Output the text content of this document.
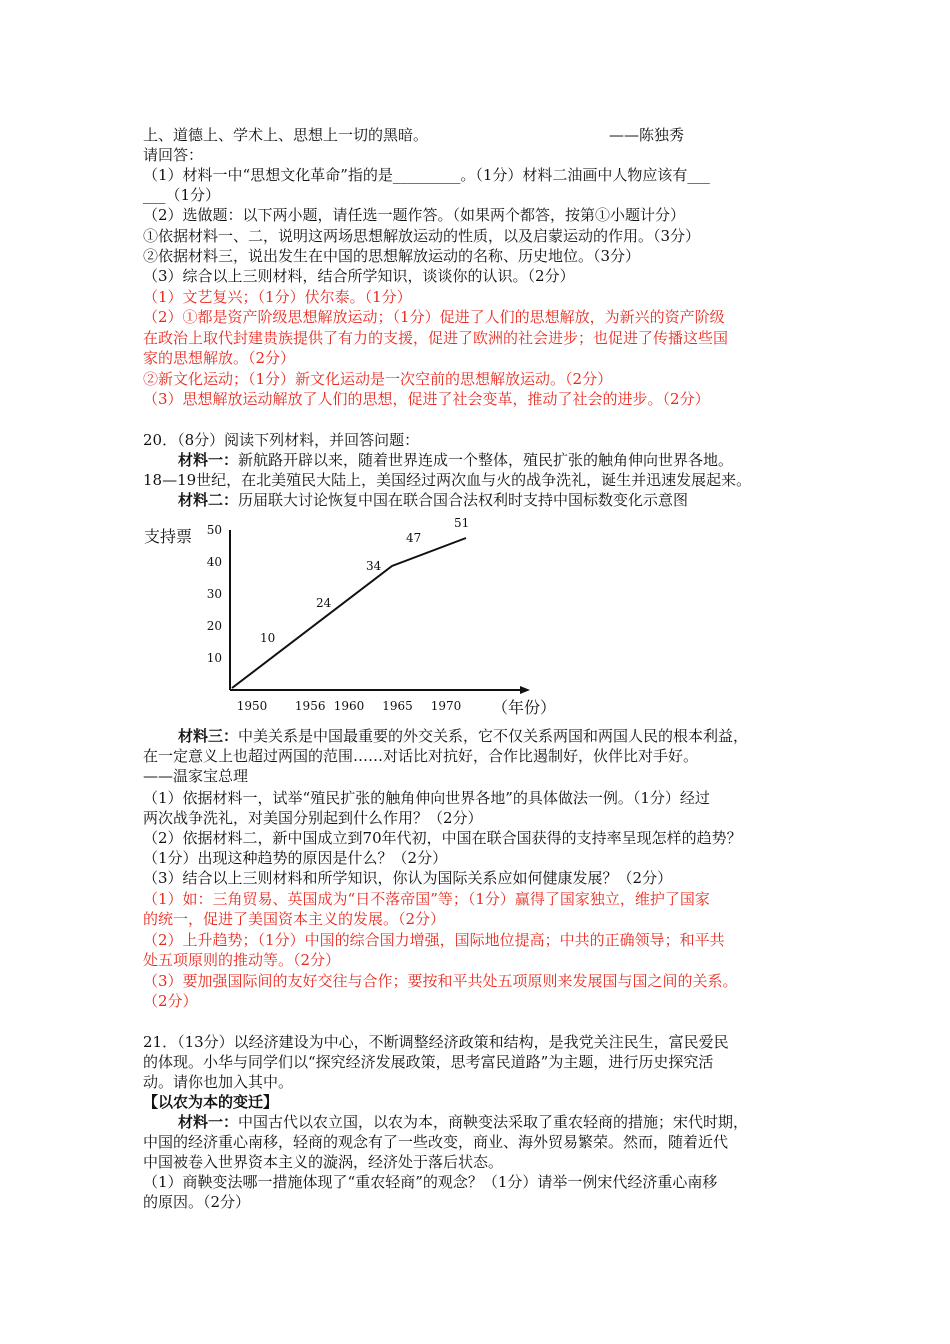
上、道德上、学术上、思想上一切的黑暗。	——陈独秀
请回答：
（1）材料一中“思想文化革命”指的是_________。（1分）材料二油画中人物应该有___
___（1分）
（2）选做题：以下两小题，请任选一题作答。（如果两个都答，按第①小题计分）
①依据材料一、二，说明这两场思想解放运动的性质，以及启蒙运动的作用。（3分）
②依据材料三，说出发生在中国的思想解放运动的名称、历史地位。（3分）
（3）综合以上三则材料，结合所学知识，谈谈你的认识。（2分）
（1）文艺复兴；（1分）伏尔泰。（1分）
（2）①都是资产阶级思想解放运动；（1分）促进了人们的思想解放，为新兴的资产阶级
在政治上取代封建贵族提供了有力的支援，促进了欧洲的社会进步；也促进了传播这些国
家的思想解放。（2分）
②新文化运动；（1分）新文化运动是一次空前的思想解放运动。（2分）
（3）思想解放运动解放了人们的思想，促进了社会变革，推动了社会的进步。（2分）
20．（8分）阅读下列材料，并回答问题：
材料一：新航路开辟以来，随着世界连成一个整体，殖民扩张的触角伸向世界各地。
18—19世纪，在北美殖民大陆上，美国经过两次血与火的战争洗礼，诞生并迅速发展起来。
材料二：历届联大讨论恢复中国在联合国合法权利时支持中国标数变化示意图
支持票
（年份）
10
20
30
40
50
1950 1956 1960 1965 1970
10
24
34
47
51
材料三：中美关系是中国最重要的外交关系，它不仅关系两国和两国人民的根本利益，
在一定意义上也超过两国的范围……对话比对抗好，合作比遏制好，伙伴比对手好。
——温家宝总理
（1）依据材料一，试举“殖民扩张的触角伸向世界各地”的具体做法一例。（1分）经过
两次战争洗礼，对美国分别起到什么作用？（2分）
（2）依据材料二，新中国成立到70年代初，中国在联合国获得的支持率呈现怎样的趋势？
（1分）出现这种趋势的原因是什么？（2分）
（3）结合以上三则材料和所学知识，你认为国际关系应如何健康发展？（2分）
（1）如：三角贸易、英国成为“日不落帝国”等；（1分）赢得了国家独立，维护了国家
的统一，促进了美国资本主义的发展。（2分）
（2）上升趋势；（1分）中国的综合国力增强，国际地位提高；中共的正确领导；和平共
处五项原则的推动等。（2分）
（3）要加强国际间的友好交往与合作；要按和平共处五项原则来发展国与国之间的关系。
（2分）
21．（13分）以经济建设为中心，不断调整经济政策和结构，是我党关注民生，富民爱民
的体现。小华与同学们以“探究经济发展政策，思考富民道路”为主题，进行历史探究活
动。请你也加入其中。
【以农为本的变迁】
材料一：中国古代以农立国，以农为本，商鞅变法采取了重农轻商的措施；宋代时期，
中国的经济重心南移，轻商的观念有了一些改变，商业、海外贸易繁荣。然而，随着近代
中国被卷入世界资本主义的漩涡，经济处于落后状态。
（1）商鞅变法哪一措施体现了“重农轻商”的观念？（1分）请举一例宋代经济重心南移
的原因。（2分）
